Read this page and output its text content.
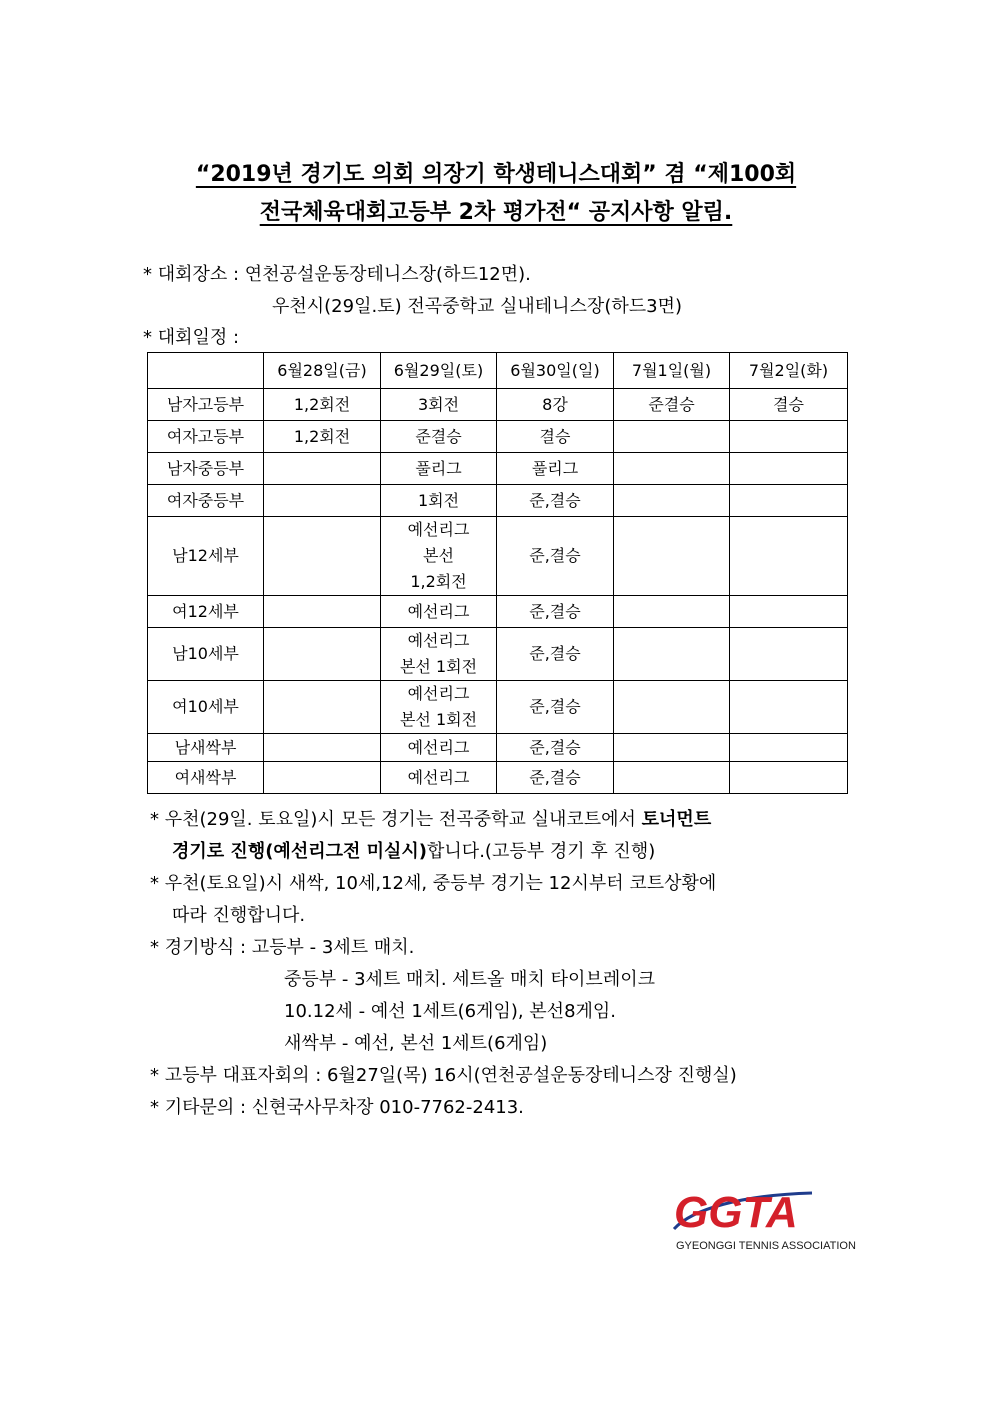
“2019년 경기도 의회 의장기 학생테니스대회” 겸 “제100회
전국체육대회고등부 2차 평가전“ 공지사항 알림.
* 대회장소 : 연천공설운동장테니스장(하드12면).
우천시(29일.토) 전곡중학교 실내테니스장(하드3면)
* 대회일정 :
	6월28일(금)	6월29일(토)	6월30일(일)	7월1일(월)	7월2일(화)
남자고등부	1,2회전	3회전	8강	준결승	결승
여자고등부	1,2회전	준결승	결승		
남자중등부		풀리그	풀리그		
여자중등부		1회전	준,결승		
남12세부		예선리그
본선
1,2회전	준,결승		
여12세부		예선리그	준,결승		
남10세부		예선리그
본선 1회전	준,결승		
여10세부		예선리그
본선 1회전	준,결승		
남새싹부		예선리그	준,결승		
여새싹부		예선리그	준,결승		
* 우천(29일. 토요일)시 모든 경기는 전곡중학교 실내코트에서 토너먼트
경기로 진행(예선리그전 미실시)합니다.(고등부 경기 후 진행)
* 우천(토요일)시 새싹, 10세,12세, 중등부 경기는 12시부터 코트상황에
따라 진행합니다.
* 경기방식 : 고등부 - 3세트 매치.
중등부 - 3세트 매치. 세트올 매치 타이브레이크
10.12세 - 예선 1세트(6게임), 본선8게임.
새싹부 - 예선, 본선 1세트(6게임)
* 고등부 대표자회의 : 6월27일(목) 16시(연천공설운동장테니스장 진행실)
* 기타문의 : 신현국사무차장 010-7762-2413.
GGTA
GYEONGGI TENNIS ASSOCIATION
